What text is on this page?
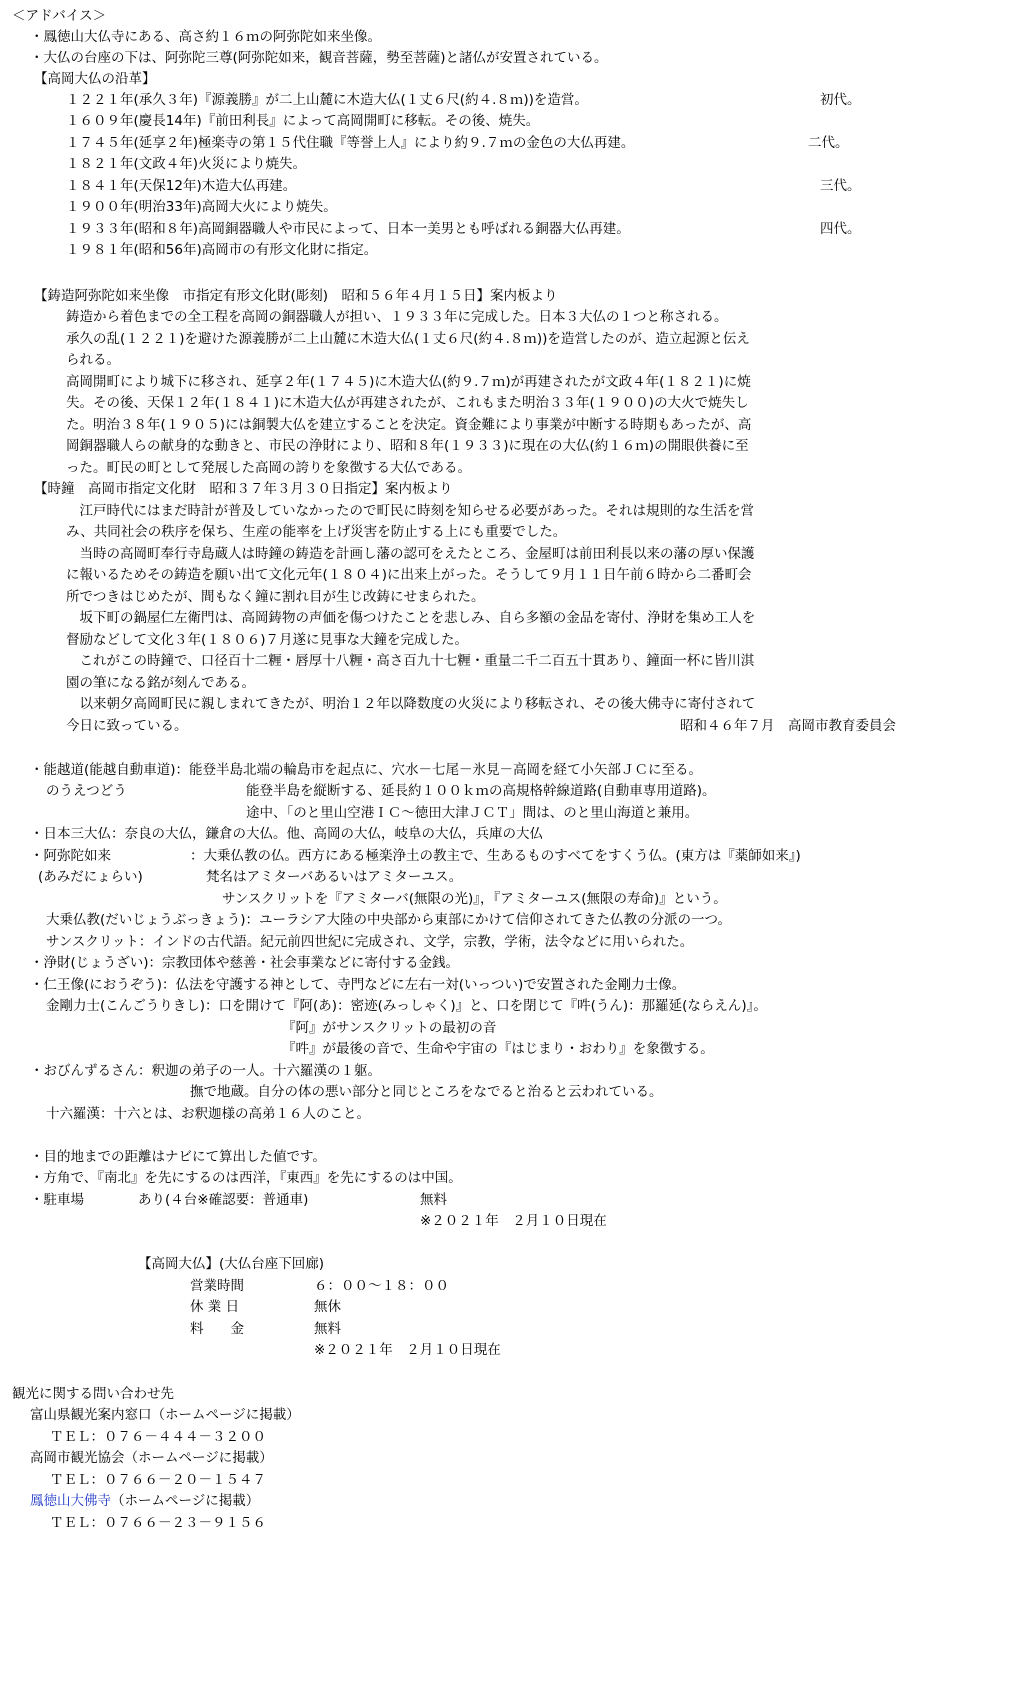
＜アドバイス＞
・鳳徳山大仏寺にある、高さ約１６ｍの阿弥陀如来坐像。
・大仏の台座の下は、阿弥陀三尊(阿弥陀如来，観音菩薩，勢至菩薩)と諸仏が安置されている。
【高岡大仏の沿革】
１２２１年(承久３年)『源義勝』が二上山麓に木造大仏(１丈６尺(約４.８ｍ))を造営。	初代。
１６０９年(慶長14年)『前田利長』によって高岡開町に移転。その後、焼失。
１７４５年(延享２年)極楽寺の第１５代住職『等誉上人』により約９.７ｍの金色の大仏再建。	二代。
１８２１年(文政４年)火災により焼失。
１８４１年(天保12年)木造大仏再建。	三代。
１９００年(明治33年)高岡大火により焼失。
１９３３年(昭和８年)高岡銅器職人や市民によって、日本一美男とも呼ばれる銅器大仏再建。	四代。
１９８１年(昭和56年)高岡市の有形文化財に指定。
【鋳造阿弥陀如来坐像　市指定有形文化財(彫刻)　昭和５６年４月１５日】案内板より
鋳造から着色までの全工程を高岡の銅器職人が担い、１９３３年に完成した。日本３大仏の１つと称される。
承久の乱(１２２１)を避けた源義勝が二上山麓に木造大仏(１丈６尺(約４.８ｍ))を造営したのが、造立起源と伝え
られる。
高岡開町により城下に移され、延享２年(１７４５)に木造大仏(約９.７ｍ)が再建されたが文政４年(１８２１)に焼
失。その後、天保１２年(１８４１)に木造大仏が再建されたが、これもまた明治３３年(１９００)の大火で焼失し
た。明治３８年(１９０５)には銅製大仏を建立することを決定。資金難により事業が中断する時期もあったが、高
岡銅器職人らの献身的な動きと、市民の浄財により、昭和８年(１９３３)に現在の大仏(約１６ｍ)の開眼供養に至
った。町民の町として発展した高岡の誇りを象徴する大仏である。
【時鐘　高岡市指定文化財　昭和３７年３月３０日指定】案内板より
　江戸時代にはまだ時計が普及していなかったので町民に時刻を知らせる必要があった。それは規則的な生活を営
み、共同社会の秩序を保ち、生産の能率を上げ災害を防止する上にも重要でした。
　当時の高岡町奉行寺島蔵人は時鐘の鋳造を計画し藩の認可をえたところ、金屋町は前田利長以来の藩の厚い保護
に報いるためその鋳造を願い出て文化元年(１８０４)に出来上がった。そうして９月１１日午前６時から二番町会
所でつきはじめたが、間もなく鐘に割れ目が生じ改鋳にせまられた。
　坂下町の鍋屋仁左衛門は、高岡鋳物の声価を傷つけたことを悲しみ、自ら多額の金品を寄付、浄財を集め工人を
督励などして文化３年(１８０６)７月遂に見事な大鐘を完成した。
　これがこの時鐘で、口径百十二糎・唇厚十八糎・高さ百九十七糎・重量二千二百五十貫あり、鐘面一杯に皆川淇
園の筆になる銘が刻んである。
　以来朝夕高岡町民に親しまれてきたが、明治１２年以降数度の火災により移転され、その後大佛寺に寄付されて
今日に致っている。	昭和４６年７月　高岡市教育委員会
・能越道(能越自動車道)：能登半島北端の輪島市を起点に、穴水－七尾－氷見－高岡を経て小矢部ＪＣに至る。
のうえつどう	能登半島を縦断する、延長約１００ｋｍの高規格幹線道路(自動車専用道路)。
途中、「のと里山空港ＩＣ～徳田大津ＪＣＴ」間は、のと里山海道と兼用。
・日本三大仏：奈良の大仏，鎌倉の大仏。他、高岡の大仏，岐阜の大仏，兵庫の大仏
・阿弥陀如来	：大乗仏教の仏。西方にある極楽浄土の教主で、生あるものすべてをすくう仏。(東方は『薬師如来』)
(あみだにょらい)	梵名はアミターバあるいはアミターユス。
サンスクリットを『アミターバ(無限の光)』，『アミターユス(無限の寿命)』という。
大乗仏教(だいじょうぶっきょう)：ユーラシア大陸の中央部から東部にかけて信仰されてきた仏教の分派の一つ。
サンスクリット：インドの古代語。紀元前四世紀に完成され、文学，宗教，学術，法令などに用いられた。
・浄財(じょうざい)：宗教団体や慈善・社会事業などに寄付する金銭。
・仁王像(におうぞう)：仏法を守護する神として、寺門などに左右一対(いっつい)で安置された金剛力士像。
金剛力士(こんごうりきし)：口を開けて『阿(あ)：密迹(みっしゃく)』と、口を閉じて『吽(うん)：那羅延(ならえん)』。
『阿』がサンスクリットの最初の音
『吽』が最後の音で、生命や宇宙の『はじまり・おわり』を象徴する。
・おびんずるさん：釈迦の弟子の一人。十六羅漢の１躯。
撫で地蔵。自分の体の悪い部分と同じところをなでると治ると云われている。
十六羅漢：十六とは、お釈迦様の高弟１６人のこと。
・目的地までの距離はナビにて算出した値です。
・方角で、『南北』を先にするのは西洋，『東西』を先にするのは中国。
・駐車場	あり(４台※確認要：普通車)	無料
※２０２１年　２月１０日現在
【高岡大仏】(大仏台座下回廊)
営業時間	６：００～１８：００
休 業 日	無休
料　　金	無料
※２０２１年　２月１０日現在
観光に関する問い合わせ先
富山県観光案内窓口（ホームページに掲載）
ＴＥＬ：０７６－４４４－３２００
高岡市観光協会（ホームページに掲載）
ＴＥＬ：０７６６－２０－１５４７
鳳徳山大佛寺（ホームページに掲載）
ＴＥＬ：０７６６－２３－９１５６
